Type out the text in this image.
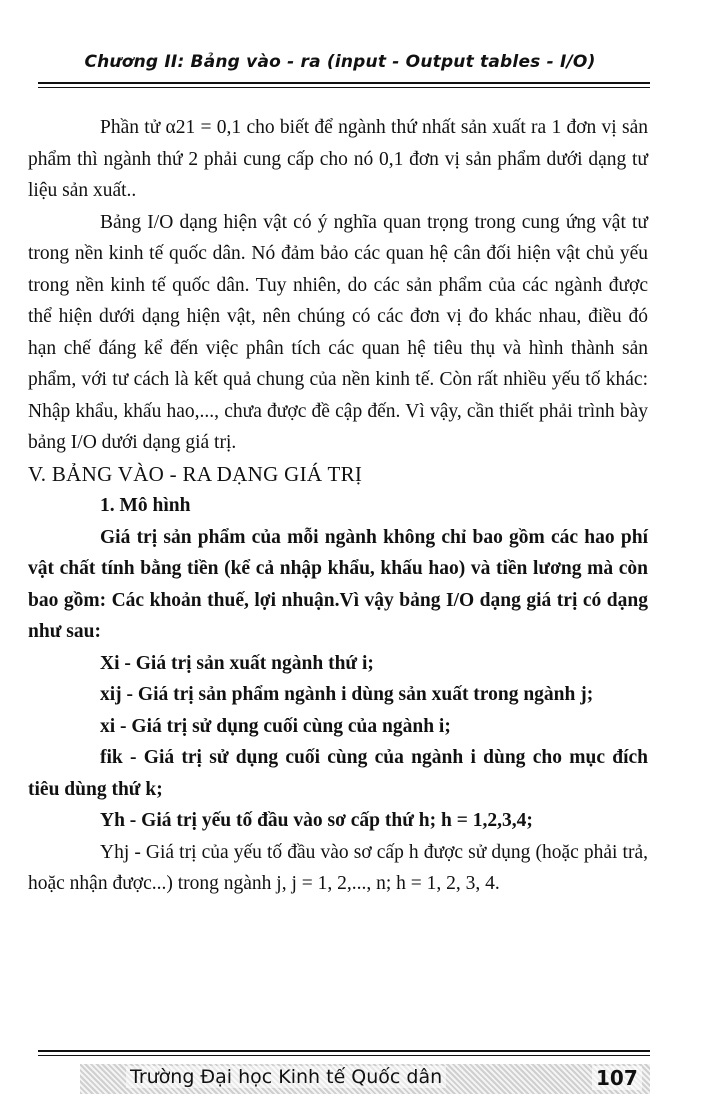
Chương II: Bảng vào - ra (input - Output tables - I/O)

Phần tử α21 = 0,1 cho biết để ngành thứ nhất sản xuất ra 1 đơn vị sản phẩm thì ngành thứ 2 phải cung cấp cho nó 0,1 đơn vị sản phẩm dưới dạng tư liệu sản xuất..

Bảng I/O dạng hiện vật có ý nghĩa quan trọng trong cung ứng vật tư trong nền kinh tế quốc dân. Nó đảm bảo các quan hệ cân đối hiện vật chủ yếu trong nền kinh tế quốc dân. Tuy nhiên, do các sản phẩm của các ngành được thể hiện dưới dạng hiện vật, nên chúng có các đơn vị đo khác nhau, điều đó hạn chế đáng kể đến việc phân tích các quan hệ tiêu thụ và hình thành sản phẩm, với tư cách là kết quả chung của nền kinh tế. Còn rất nhiều yếu tố khác: Nhập khẩu, khấu hao,..., chưa được đề cập đến. Vì vậy, cần thiết phải trình bày bảng I/O dưới dạng giá trị.

V. BẢNG VÀO - RA DẠNG GIÁ TRỊ

1. Mô hình

Giá trị sản phẩm của mỗi ngành không chỉ bao gồm các hao phí vật chất tính bằng tiền (kể cả nhập khẩu, khấu hao) và tiền lương mà còn bao gồm: Các khoản thuế, lợi nhuận.Vì vậy bảng I/O dạng giá trị có dạng như sau:

Xi - Giá trị sản xuất ngành thứ i;

xij - Giá trị sản phẩm ngành i dùng sản xuất trong ngành j;

xi - Giá trị sử dụng cuối cùng của ngành i;

fik - Giá trị sử dụng cuối cùng của ngành i dùng cho mục đích tiêu dùng thứ k;

Yh - Giá trị yếu tố đầu vào sơ cấp thứ h; h = 1,2,3,4;

Yhj - Giá trị của yếu tố đầu vào sơ cấp h được sử dụng (hoặc phải trả, hoặc nhận được...) trong ngành j, j = 1, 2,..., n; h = 1, 2, 3, 4.

Trường Đại học Kinh tế Quốc dân	107
